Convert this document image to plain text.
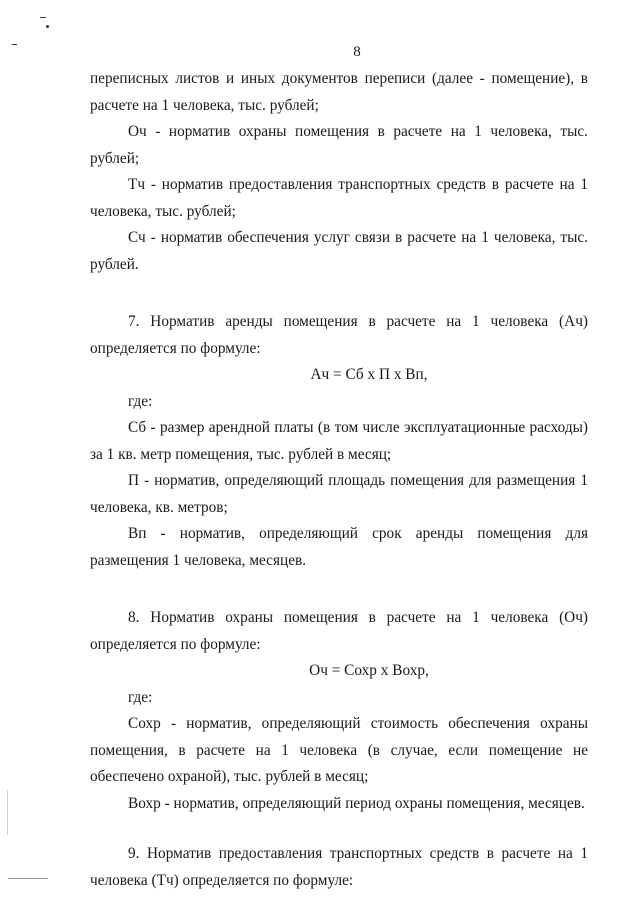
8

переписных листов и иных документов переписи (далее - помещение), в расчете на 1 человека, тыс. рублей;

Оч - норматив охраны помещения в расчете на 1 человека, тыс. рублей;

Тч - норматив предоставления транспортных средств в расчете на 1 человека, тыс. рублей;

Сч - норматив обеспечения услуг связи в расчете на 1 человека, тыс. рублей.

7. Норматив аренды помещения в расчете на 1 человека (Ач) определяется по формуле:

Ач = Сб х П х Вп,

где:

Сб - размер арендной платы (в том числе эксплуатационные расходы) за 1 кв. метр помещения, тыс. рублей в месяц;

П - норматив, определяющий площадь помещения для размещения 1 человека, кв. метров;

Вп - норматив, определяющий срок аренды помещения для размещения 1 человека, месяцев.

8. Норматив охраны помещения в расчете на 1 человека (Оч) определяется по формуле:

Оч = Сохр х Вохр,

где:

Сохр - норматив, определяющий стоимость обеспечения охраны помещения, в расчете на 1 человека (в случае, если помещение не обеспечено охраной), тыс. рублей в месяц;

Вохр - норматив, определяющий период охраны помещения, месяцев.

9. Норматив предоставления транспортных средств в расчете на 1 человека (Тч) определяется по формуле:
